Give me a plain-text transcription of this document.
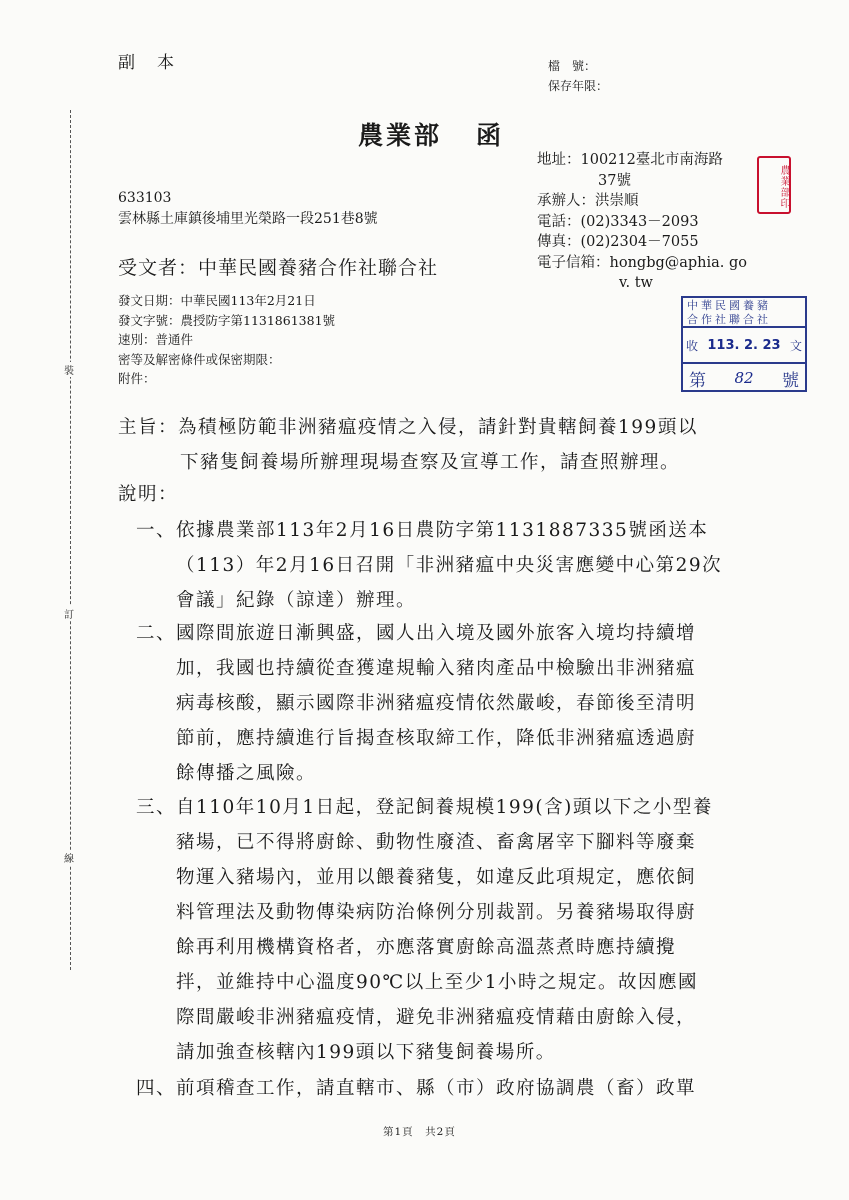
副本	檔　號：
保存年限：
農業部 函
地址：100212臺北市南海路
37號
承辦人：洪崇順
電話：(02)3343－2093
傳真：(02)2304－7055
電子信箱：hongbg@aphia. go
v. tw
農業部印
633103
雲林縣土庫鎮後埔里光榮路一段251巷8號
受文者：中華民國養豬合作社聯合社
發文日期：中華民國113年2月21日
發文字號：農授防字第1131861381號
速別：普通件
密等及解密條件或保密期限：
附件：
中華民國養豬
合作社聯合社
收 113. 2. 23 文
第 82 號
裝
訂
線
主旨：為積極防範非洲豬瘟疫情之入侵，請針對貴轄飼養199頭以
下豬隻飼養場所辦理現場查察及宣導工作，請查照辦理。
說明：
一、依據農業部113年2月16日農防字第1131887335號函送本
（113）年2月16日召開「非洲豬瘟中央災害應變中心第29次
會議」紀錄（諒達）辦理。
二、國際間旅遊日漸興盛，國人出入境及國外旅客入境均持續增
加，我國也持續從查獲違規輸入豬肉產品中檢驗出非洲豬瘟
病毒核酸，顯示國際非洲豬瘟疫情依然嚴峻，春節後至清明
節前，應持續進行旨揭查核取締工作，降低非洲豬瘟透過廚
餘傳播之風險。
三、自110年10月1日起，登記飼養規模199(含)頭以下之小型養
豬場，已不得將廚餘、動物性廢渣、畜禽屠宰下腳料等廢棄
物運入豬場內，並用以餵養豬隻，如違反此項規定，應依飼
料管理法及動物傳染病防治條例分別裁罰。另養豬場取得廚
餘再利用機構資格者，亦應落實廚餘高溫蒸煮時應持續攪
拌，並維持中心溫度90℃以上至少1小時之規定。故因應國
際間嚴峻非洲豬瘟疫情，避免非洲豬瘟疫情藉由廚餘入侵，
請加強查核轄內199頭以下豬隻飼養場所。
四、前項稽查工作，請直轄市、縣（市）政府協調農（畜）政單
第1頁　共2頁
